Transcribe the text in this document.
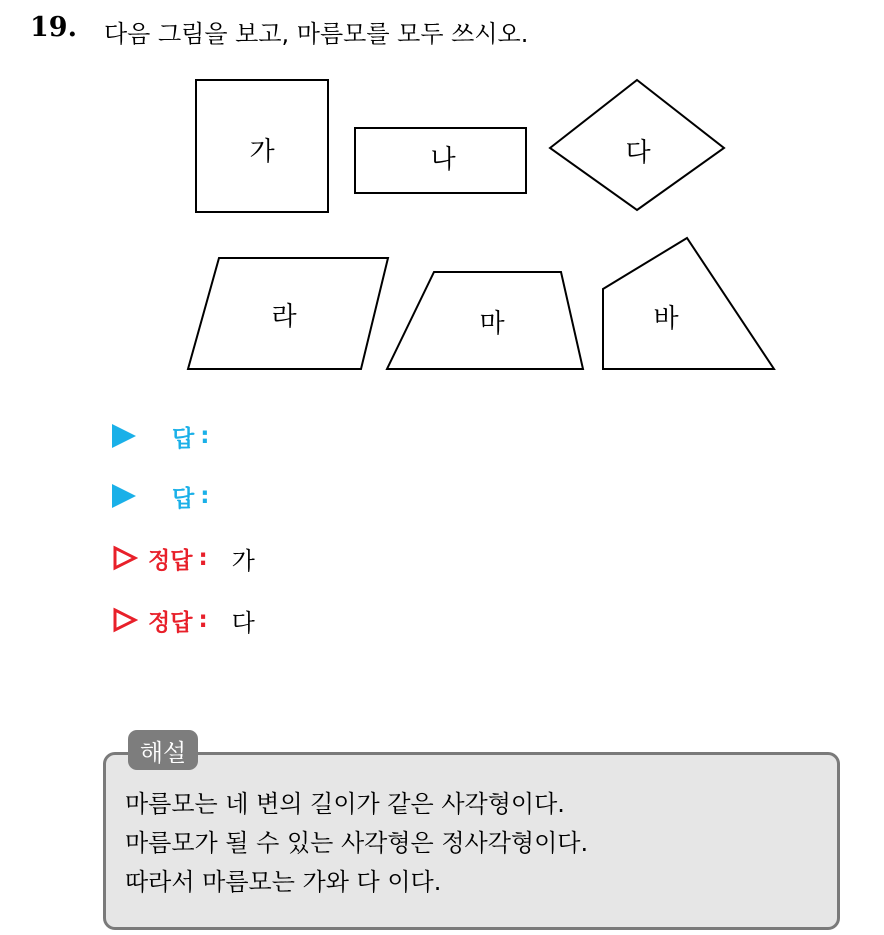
19. 다음 그림을 보고, 마름모를 모두 쓰시오.
가	나	다
라	마	바
답 :
답 :
정답 : 가
정답 : 다
해설
마름모는 네 변의 길이가 같은 사각형이다.
마름모가 될 수 있는 사각형은 정사각형이다.
따라서 마름모는 가와 다 이다.
